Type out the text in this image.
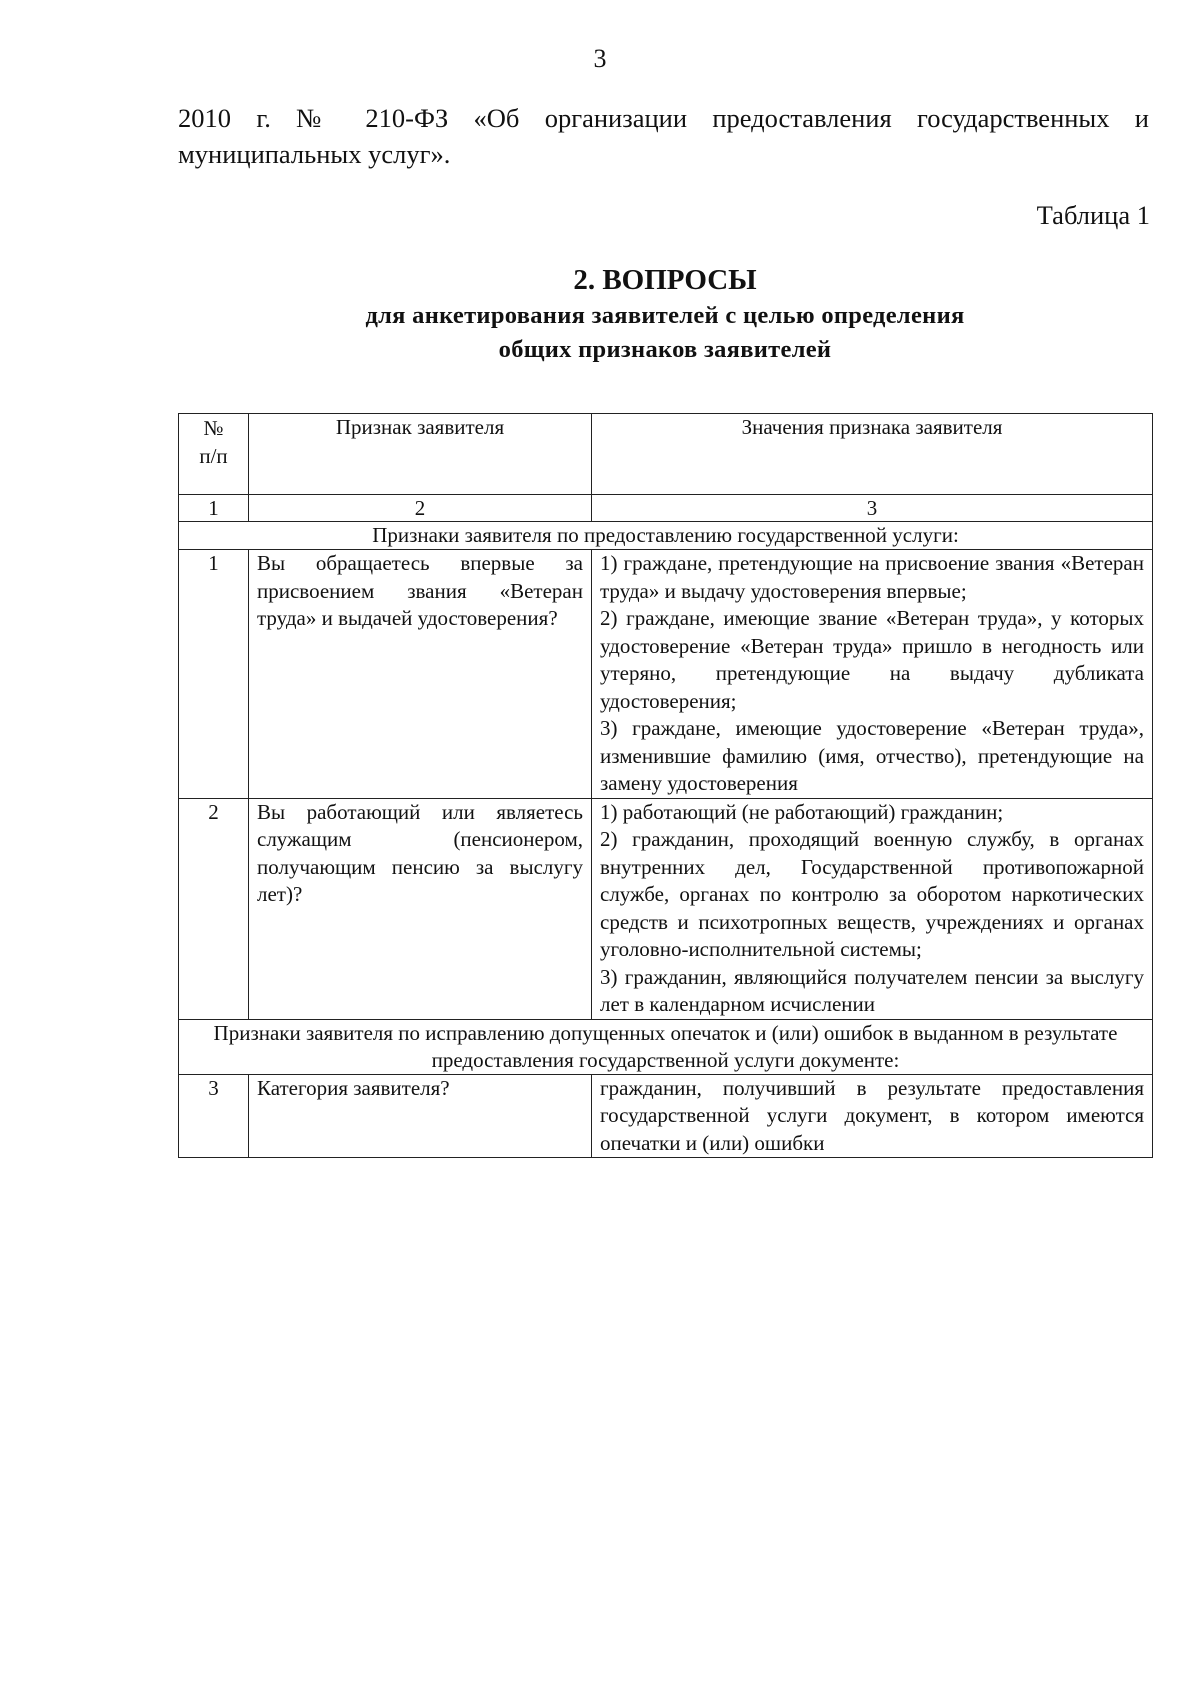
3
2010 г. № 210-ФЗ «Об организации предоставления государственных и муниципальных услуг».
Таблица 1
2. ВОПРОСЫ
для анкетирования заявителей с целью определения
общих признаков заявителей
№
п/п	Признак заявителя	Значения признака заявителя
1	2	3
Признаки заявителя по предоставлению государственной услуги:		
1	Вы обращаетесь впервые за присвоением звания «Ветеран труда» и выдачей удостоверения?	1) граждане, претендующие на присвоение звания «Ветеран труда» и выдачу удостоверения впервые;
2) граждане, имеющие звание «Ветеран труда», у которых удостоверение «Ветеран труда» пришло в негодность или утеряно, претендующие на выдачу дубликата удостоверения;
3) граждане, имеющие удостоверение «Ветеран труда», изменившие фамилию (имя, отчество), претендующие на замену удостоверения

2	Вы работающий или являетесь служащим (пенсионером, получающим пенсию за выслугу лет)?	1) работающий (не работающий) гражданин;
2) гражданин, проходящий военную службу, в органах внутренних дел, Государственной противопожарной службе, органах по контролю за оборотом наркотических средств и психотропных веществ, учреждениях и органах уголовно-исполнительной системы;
3) гражданин, являющийся получателем пенсии за выслугу лет в календарном исчислении

Признаки заявителя по исправлению допущенных опечаток и (или) ошибок в выданном в результате предоставления государственной услуги документе:		
3	Категория заявителя?	гражданин, получивший в результате предоставления государственной услуги документ, в котором имеются опечатки и (или) ошибки
